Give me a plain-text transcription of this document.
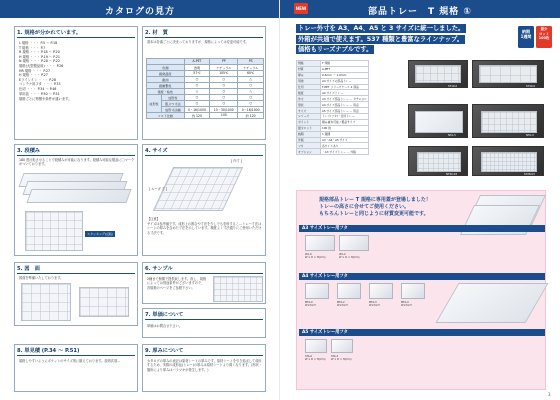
カタログの見方
1. 規格が分かれています。
L 規格 ・・・ P.5 〜 P.18
T 規格 ・・・ P.7
R 規格 ・・・ P.18 〜 P.20
H 規格 ・・・ P.19 〜 P.21
N 規格 ・・・ P.20 〜 P.22
規格(大型製品用) ・・・ P.26
HR 規格 ・・・ P.27
H 規格 ・・・ P.27
Eラインイン ・・・ P.28
コンテナ用フタ ・・・ P.33
仕切 ・・・ P.34 〜 P.46
単用品 ・・・ P.50 〜 P.51
規格ごとに特徴や条件が違います。
2. 材　質
基本は各番ごとに決まっておりますが、規格によっては変更可能です。
		A-PET	PP	PS
色調		透明	ナチュラル	ナチュラル
耐熱温度		57℃	105℃	60℃
耐油		○	○	△
耐衝撃性		○	○	○
強度・粘性		△	○	△
成形性	成形性	○	○	○
	肌ぶつ寸法	○	○	○
	成形寸法幅	0〜16/1000	15〜30/1000	0〜16/1000
コスト比較		約 120	100	約 120
3. 段積み
180 度反転させることで段積みが可能になります。段積み可能な製品に〇マークがついております。
スタッキング(反転)
4. サイズ
[ 内寸 ]
[ ルーガ 寸 ]
【注意】
サイズは参考値です。成形上の都合や寸法を少しでも変形するこ…トレー寸法はシートの厚みを含めた寸法を示しています。精度よく寸法通りにご使用いただける寸法です。
5. 図　面
図面を準備いたしております。
6. サンプル
2種まで無償で提供致します。但し、規格によっては別途条件がございますので、各規格のページをご参照下さい。
7. 単価について
単価はお問合せ下さい。
8. 単見積 (P.34 〜 P.51)
規格しやすいようにポケットのサイズ別に揃えております。説明次項…
9. 厚みについて
カタログの厚みの表記は原材シートの厚みです。原材シートを引き延ばして成形するため、実際の成形品(トレー)の厚みは原材シートより薄くなります。(形状・箇所により厚みはバラツキが発生します。)
NEW	部品トレー　T 規格 ①
トレー外寸を A3、A4、A5 と 3 サイズに統一しました。
外箱が共通で使えます。537 種類と豊富なラインナップ。
価格もリーズナブルです。
納期
1週間
最少
ロット
100枚
規格	T 規格
材質	A-PET
厚み	0.5mm ～ 1.0mm
用途	A4 サイズの部品トレー
仕切	T-PET フリーズケース 2 商品
強度	A4 サイズトレー
外寸	A3 サイズ部品トレー ... タテ×ヨコ
形状	A4 サイズ部品トレー ... 用意
サイズ	A5 サイズ部品トレー ... 用意
シリーズ	トレイ(フタ)・仕切トレー
ポイント	積み重ね可能 / 製品サイズ
最少ロット	100 枚
納期	1 週間
外箱	A3・A4・A5 サイズ
フタ	各サイズあり
オプション	・A3 サイズトレー ... 外箱
ST10-0	ST40-0
NTA-3	NTA-4
NT40-03	ST28-03
規格部品トレー T 規格に専用蓋が登場しました！
トレーの高さに合せてご使用ください。
もちろんトレーと同じように材質変更可能です。
A3 サイズトレー用フタ
LTA-0	LTA-2
W × D × H(mm)	W × D × H(mm)
A4 サイズトレー用フタ
MTA-0	MTA-2	MTA-3	MTA-4
W×D×H	W×D×H	W×D×H	W×D×H
A5 サイズトレー用フタ
STA-0	STA-3
W × D × H(mm) W × D × H(mm)
3
